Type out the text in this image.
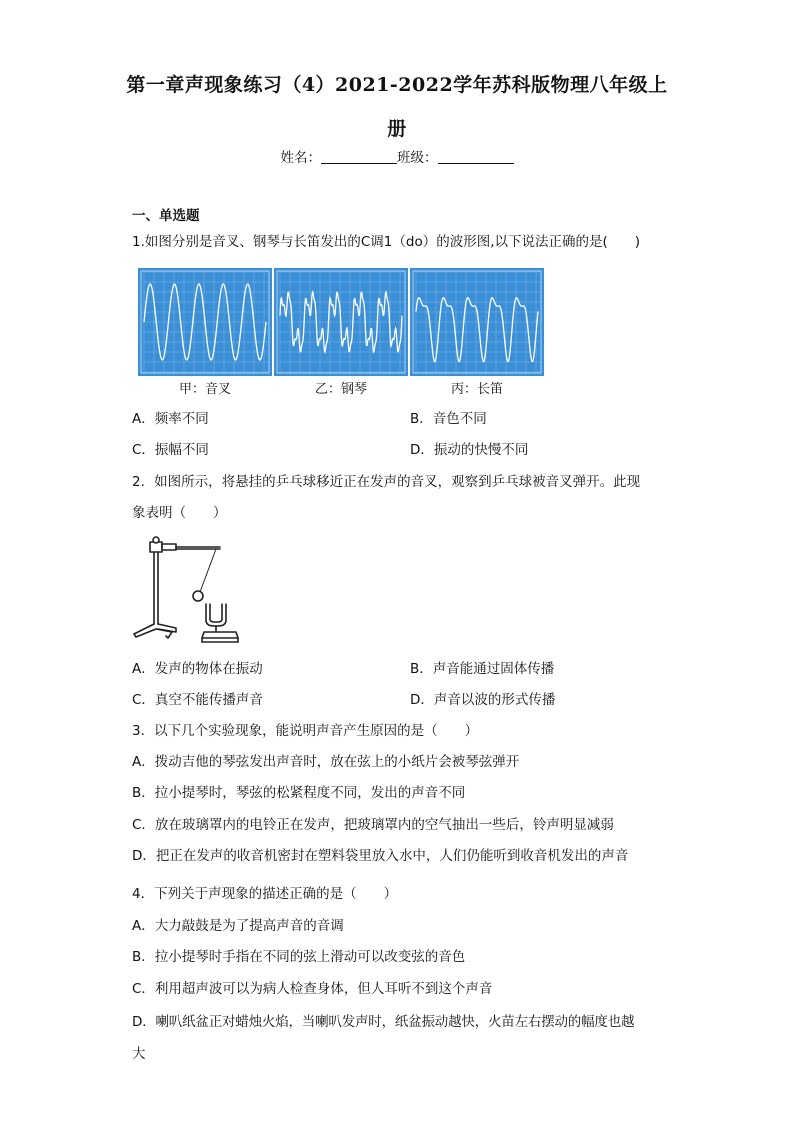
第一章声现象练习（4）2021-2022学年苏科版物理八年级上
册
姓名：	班级：
一、单选题
1.如图分别是音叉、钢琴与长笛发出的C调1（do）的波形图,以下说法正确的是(　　)
甲：音叉	乙：钢琴	丙：长笛
A．频率不同	B．音色不同
C．振幅不同	D．振动的快慢不同
2．如图所示，将悬挂的乒乓球移近正在发声的音叉，观察到乒乓球被音叉弹开。此现
象表明（　　）
A．发声的物体在振动	B．声音能通过固体传播
C．真空不能传播声音	D．声音以波的形式传播
3．以下几个实验现象，能说明声音产生原因的是（　　）
A．拨动吉他的琴弦发出声音时，放在弦上的小纸片会被琴弦弹开
B．拉小提琴时，琴弦的松紧程度不同，发出的声音不同
C．放在玻璃罩内的电铃正在发声，把玻璃罩内的空气抽出一些后，铃声明显减弱
D．把正在发声的收音机密封在塑料袋里放入水中，人们仍能听到收音机发出的声音
4．下列关于声现象的描述正确的是（　　）
A．大力敲鼓是为了提高声音的音调
B．拉小提琴时手指在不同的弦上滑动可以改变弦的音色
C．利用超声波可以为病人检查身体，但人耳听不到这个声音
D．喇叭纸盆正对蜡烛火焰，当喇叭发声时，纸盆振动越快，火苗左右摆动的幅度也越
大
